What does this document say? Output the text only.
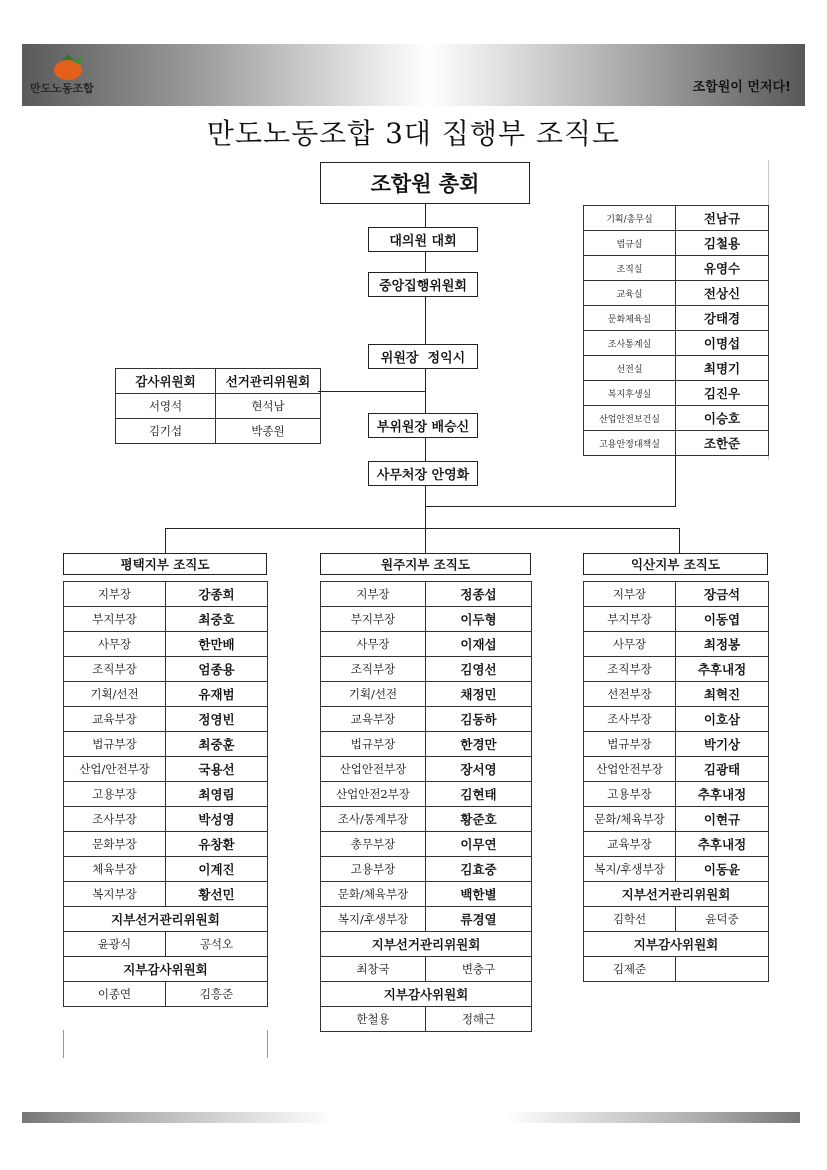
만도노동조합	조합원이 먼저다!
만도노동조합 3대 집행부 조직도
조합원 총회
대의원 대회
중앙집행위원회
위원장  정익시
부위원장 배승신
사무처장 안영화
감사위원회	선거관리위원회
서영석	현석남
김기섭	박종원
기획/총무실	전남규
법규실	김철용
조직실	유영수
교육실	전상신
문화체육실	강태경
조사통계실	이명섭
선전실	최명기
복지후생실	김진우
산업안전보건실	이승호
고용안정대책실	조한준
평택지부 조직도
지부장	강종희
부지부장	최중호
사무장	한만배
조직부장	엄종용
기획/선전	유재범
교육부장	정영빈
법규부장	최중훈
산업/안전부장	국용선
고용부장	최영림
조사부장	박성영
문화부장	유창환
체육부장	이계진
복지부장	황선민
지부선거관리위원회	
윤광식	공석오
지부감사위원회	
이종연	김흥준
원주지부 조직도
지부장	정종섭
부지부장	이두형
사무장	이재섭
조직부장	김영선
기획/선전	채정민
교육부장	김동하
법규부장	한경만
산업안전부장	장서영
산업안전2부장	김현태
조사/통계부장	황준호
총무부장	이무연
고용부장	김효중
문화/체육부장	백한별
복지/후생부장	류경열
지부선거관리위원회	
최창국	변충구
지부감사위원회	
한철용	정해근
익산지부 조직도
지부장	장금석
부지부장	이동엽
사무장	최정봉
조직부장	추후내정
선전부장	최혁진
조사부장	이호삼
법규부장	박기상
산업안전부장	김광태
고용부장	추후내정
문화/체육부장	이현규
교육부장	추후내정
복지/후생부장	이동윤
지부선거관리위원회	
김학선	윤덕중
지부감사위원회	
김제준	
